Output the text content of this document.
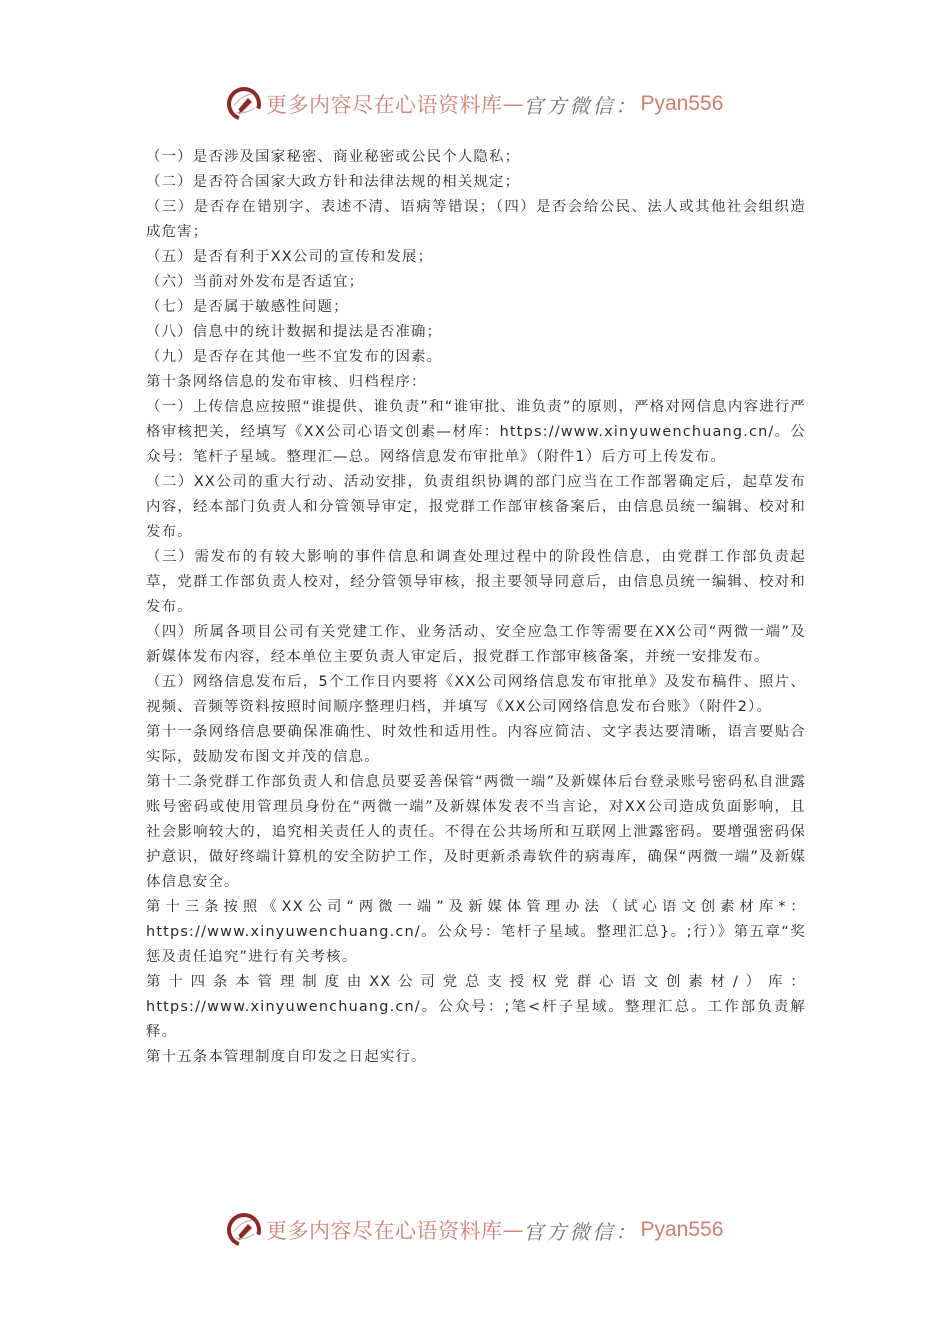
更多内容尽在心语资料库 — 官方微信： Pyan556

（一）是否涉及国家秘密、商业秘密或公民个人隐私；

（二）是否符合国家大政方针和法律法规的相关规定；

（三）是否存在错别字、表述不清、语病等错误；（四）是否会给公民、法人或其他社会组织造成危害；

（五）是否有利于XX公司的宣传和发展；

（六）当前对外发布是否适宜；

（七）是否属于敏感性问题；

（八）信息中的统计数据和提法是否准确；

（九）是否存在其他一些不宜发布的因素。

第十条网络信息的发布审核、归档程序：

（一）上传信息应按照“谁提供、谁负责”和“谁审批、谁负责”的原则，严格对网信息内容进行严格审核把关，经填写《XX公司心语文创素—材库：https://www.xinyuwenchuang.cn/。公众号：笔杆子星域。整理汇—总。网络信息发布审批单》（附件1）后方可上传发布。

（二）XX公司的重大行动、活动安排，负责组织协调的部门应当在工作部署确定后，起草发布内容，经本部门负责人和分管领导审定，报党群工作部审核备案后，由信息员统一编辑、校对和发布。

（三）需发布的有较大影响的事件信息和调查处理过程中的阶段性信息，由党群工作部负责起草，党群工作部负责人校对，经分管领导审核，报主要领导同意后，由信息员统一编辑、校对和发布。

（四）所属各项目公司有关党建工作、业务活动、安全应急工作等需要在XX公司“两微一端”及新媒体发布内容，经本单位主要负责人审定后，报党群工作部审核备案，并统一安排发布。

（五）网络信息发布后，5个工作日内要将《XX公司网络信息发布审批单》及发布稿件、照片、视频、音频等资料按照时间顺序整理归档，并填写《XX公司网络信息发布台账》（附件2）。

第十一条网络信息要确保准确性、时效性和适用性。内容应简洁、文字表达要清晰，语言要贴合实际，鼓励发布图文并茂的信息。

第十二条党群工作部负责人和信息员要妥善保管“两微一端”及新媒体后台登录账号密码私自泄露账号密码或使用管理员身份在“两微一端”及新媒体发表不当言论，对XX公司造成负面影响，且社会影响较大的，追究相关责任人的责任。不得在公共场所和互联网上泄露密码。要增强密码保护意识，做好终端计算机的安全防护工作，及时更新杀毒软件的病毒库，确保“两微一端”及新媒体信息安全。

第十三条按照《XX公司“两微一端”及新媒体管理办法（试心语文创素材库*：https://www.xinyuwenchuang.cn/。公众号：笔杆子星域。整理汇总}。;行）》第五章“奖惩及责任追究”进行有关考核。

第十四条本管理制度由XX公司党总支授权党群心语文创素材/）库：https://www.xinyuwenchuang.cn/。公众号：;笔<杆子星域。整理汇总。工作部负责解释。

第十五条本管理制度自印发之日起实行。

更多内容尽在心语资料库 — 官方微信： Pyan556
